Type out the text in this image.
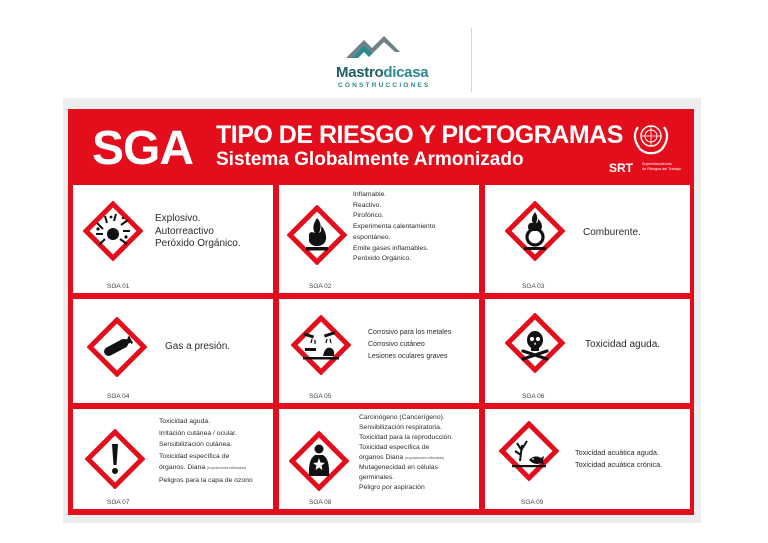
Mastrodicasa
CONSTRUCCIONES
SGA TIPO DE RIESGO Y PICTOGRAMAS
Sistema Globalmente Armonizado	SRT Superintendencia
de Riesgos del Trabajo
Explosivo.
Autorreactivo
Peróxido Orgánico.
SGA 01
Inflamable.
Reactivo.
Pirofórico.
Experimenta calentamiento
espontáneo.
Emite gases inflamables.
Peróxido Orgánico.
SGA 02
Comburente.
SGA 03
Gas a presión.
SGA 04
Corrosivo para los metales
Corrosivo cutáneo
Lesiones oculares graves
SGA 05
Toxicidad aguda.
SGA 06
Toxicidad aguda.
Irritación cutánea / ocular.
Sensibilización cutánea.
Toxicidad específica de
órganos. Diana (exposiciones reiteradas)
Peligros para la capa de ozono
SGA 07
Carcinógeno (Cancerígeno).
Sensibilización respiratoria.
Toxicidad para la reproducción.
Toxicidad específica de
órganos Diana (exposiciones reiteradas)
Mutagenecidad en células
germinales.
Peligro por aspiración
SGA 08
Toxicidad acuática aguda.
Toxicidad acuática crónica.
SGA 09
